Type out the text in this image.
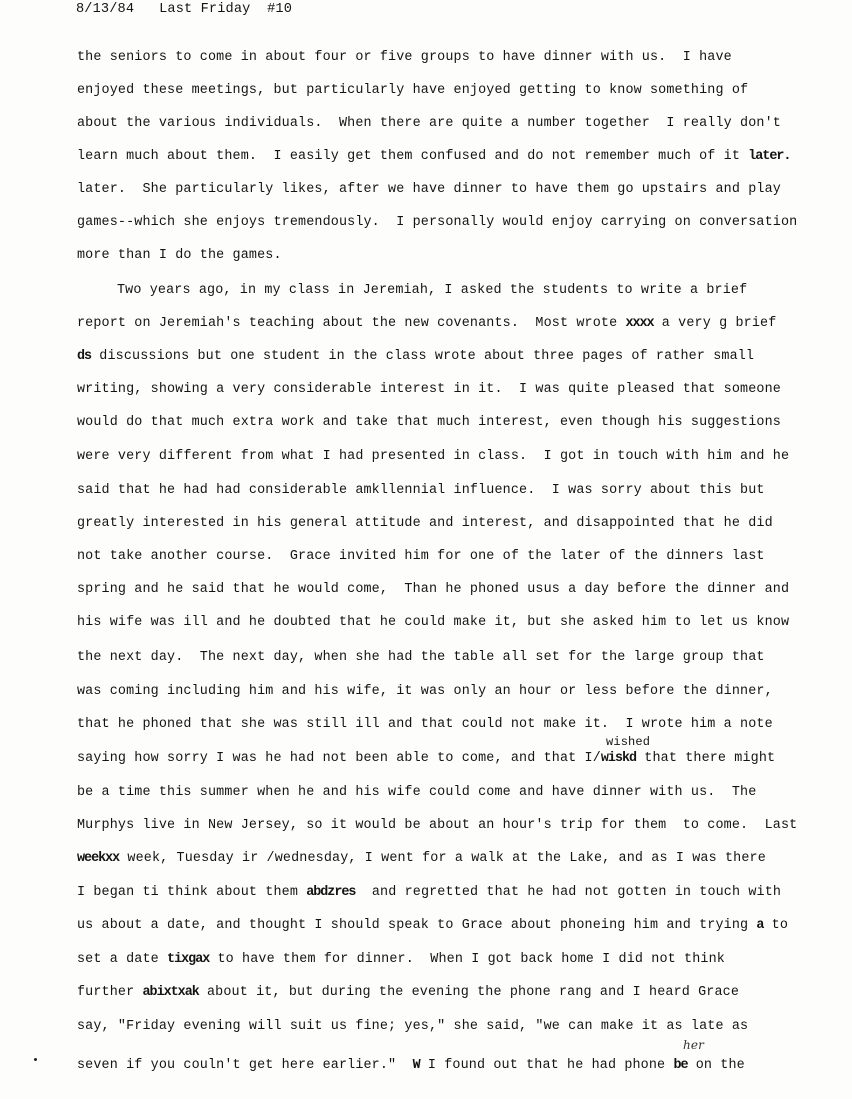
8/13/84   Last Friday  #10
the seniors to come in about four or five groups to have dinner with us.  I have
enjoyed these meetings, but particularly have enjoyed getting to know something of
about the various individuals.  When there are quite a number together  I really don't
learn much about them.  I easily get them confused and do not remember much of it later.
later.  She particularly likes, after we have dinner to have them go upstairs and play
games--which she enjoys tremendously.  I personally would enjoy carrying on conversation
more than I do the games.
Two years ago, in my class in Jeremiah, I asked the students to write a brief
report on Jeremiah's teaching about the new covenants.  Most wrote xxxx a very g brief
ds discussions but one student in the class wrote about three pages of rather small
writing, showing a very considerable interest in it.  I was quite pleased that someone
would do that much extra work and take that much interest, even though his suggestions
were very different from what I had presented in class.  I got in touch with him and he
said that he had had considerable amkllennial influence.  I was sorry about this but
greatly interested in his general attitude and interest, and disappointed that he did
not take another course.  Grace invited him for one of the later of the dinners last
spring and he said that he would come,  Than he phoned usus a day before the dinner and
his wife was ill and he doubted that he could make it, but she asked him to let us know
the next day.  The next day, when she had the table all set for the large group that
was coming including him and his wife, it was only an hour or less before the dinner,
that he phoned that she was still ill and that could not make it.  I wrote him a note
wished
saying how sorry I was he had not been able to come, and that I/wiskd that there might
be a time this summer when he and his wife could come and have dinner with us.  The
Murphys live in New Jersey, so it would be about an hour's trip for them  to come.  Last
weekxx week, Tuesday ir /wednesday, I went for a walk at the Lake, and as I was there
I began ti think about them abdzres  and regretted that he had not gotten in touch with
us about a date, and thought I should speak to Grace about phoneing him and trying a to
set a date tixgax to have them for dinner.  When I got back home I did not think
further abixtxak about it, but during the evening the phone rang and I heard Grace
say, "Friday evening will suit us fine; yes," she said, "we can make it as late as
her
seven if you couln't get here earlier."  W I found out that he had phone be on the
